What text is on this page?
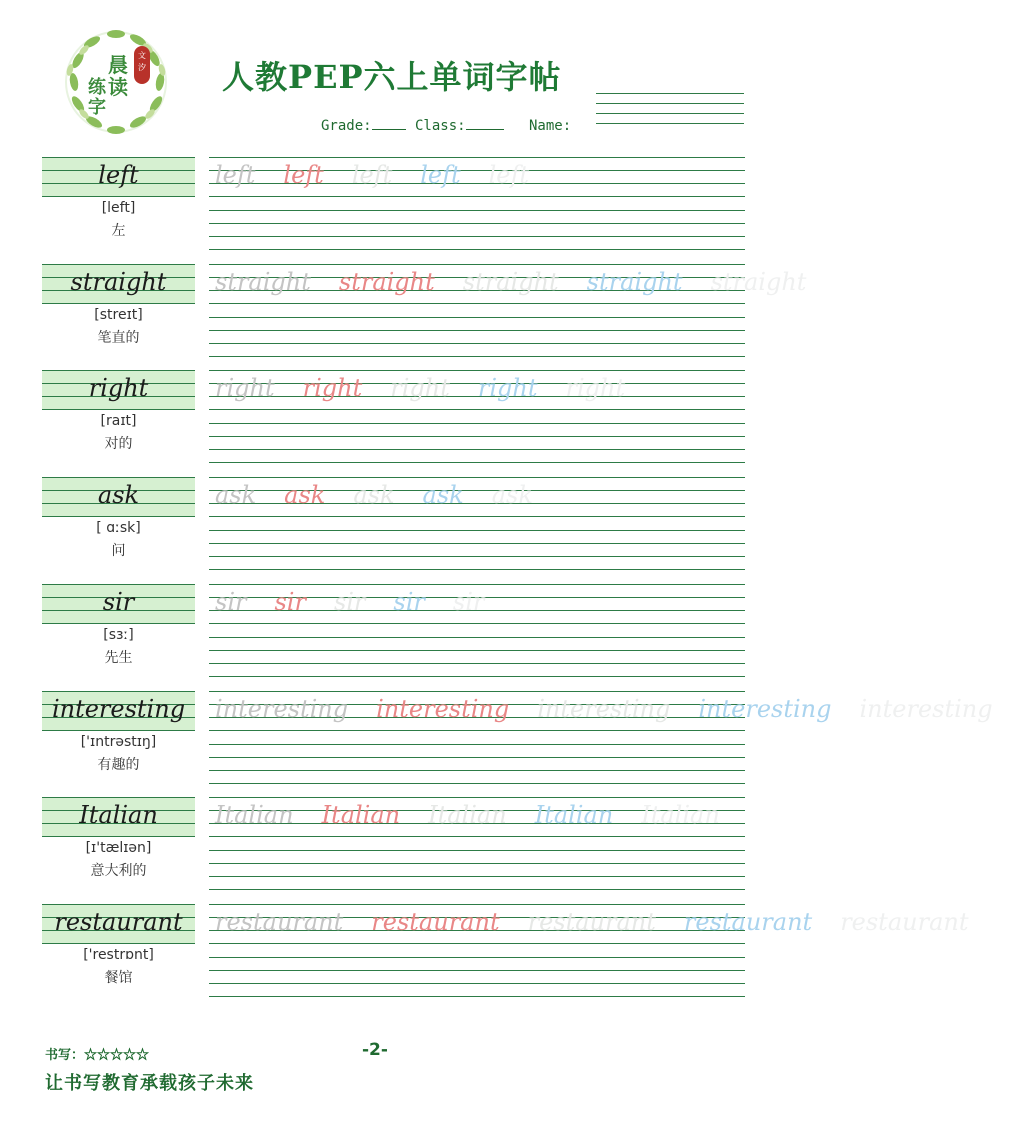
练字
晨读
文汐 人教PEP六上单词字帖
Grade:	Class:	Name:
left
[left]
左
left left left left left
straight
[streɪt]
笔直的
straight straight straight straight straight
right
[raɪt]
对的
right right right right right
ask
[ ɑːsk]
问
ask ask ask ask ask
sir
[sɜː]
先生
sir sir sir sir sir
interesting
['ɪntrəstɪŋ]
有趣的
interesting interesting interesting interesting interesting
Italian
[ɪ'tælɪən]
意大利的
Italian Italian Italian Italian Italian
restaurant
['restrɒnt]
餐馆
restaurant restaurant restaurant restaurant restaurant
书写：☆☆☆☆☆	-2-
让书写教育承载孩子未来
